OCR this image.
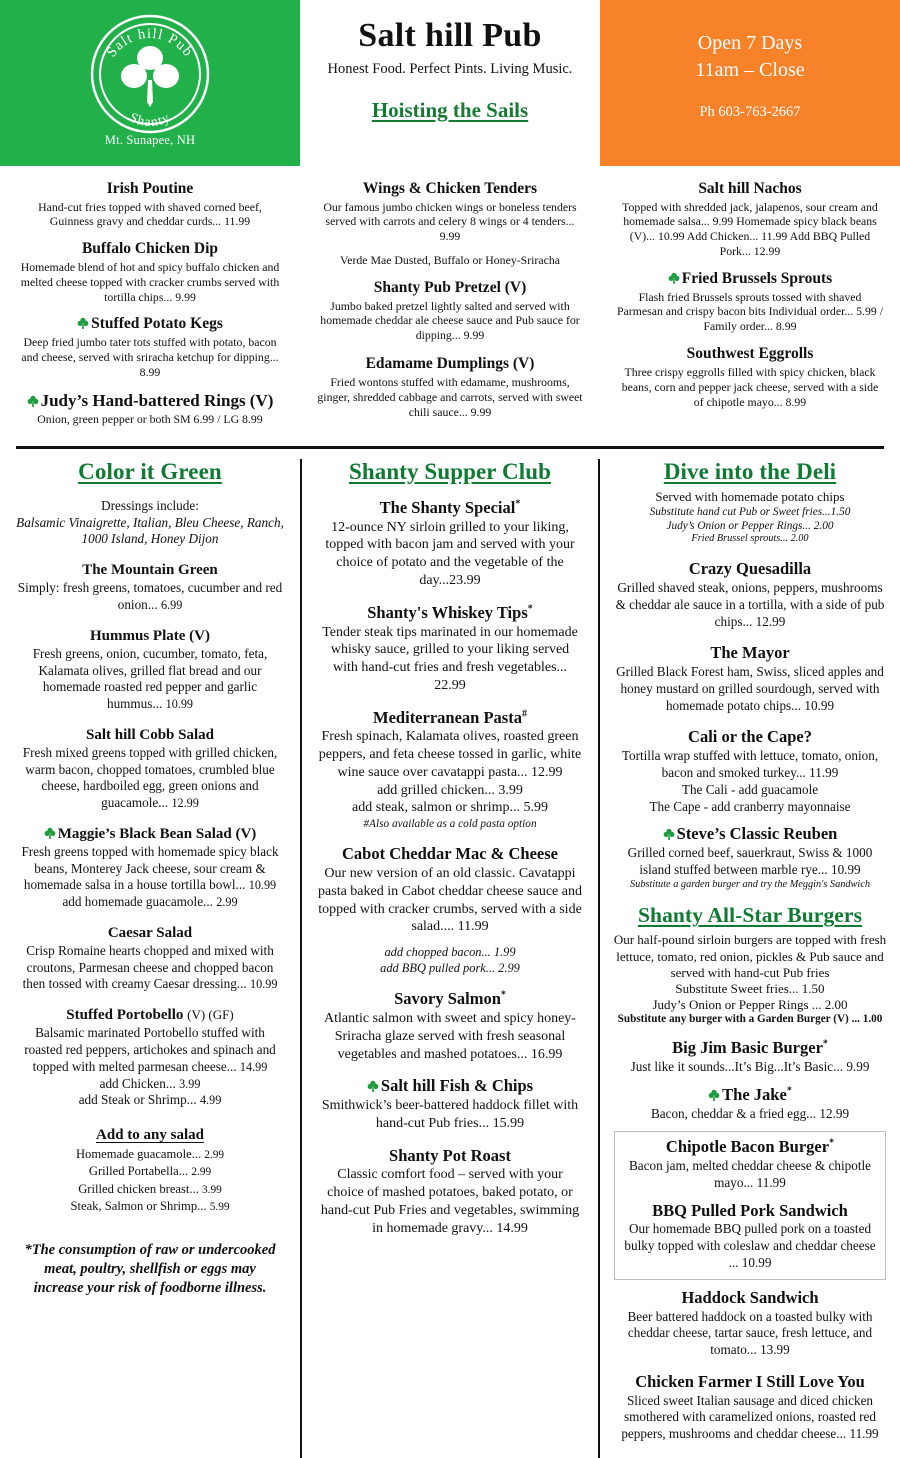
Salt hill Pub
Shanty
Mt. Sunapee, NH
Salt hill Pub
Honest Food. Perfect Pints. Living Music.
Hoisting the Sails
Open 7 Days
11am – Close
Ph 603-763-2667
Irish Poutine
Hand-cut fries topped with shaved corned beef, Guinness gravy and cheddar curds... 11.99
Buffalo Chicken Dip
Homemade blend of hot and spicy buffalo chicken and melted cheese topped with cracker crumbs served with tortilla chips... 9.99
Stuffed Potato Kegs
Deep fried jumbo tater tots stuffed with potato, bacon and cheese, served with sriracha ketchup for dipping... 8.99
Judy’s Hand-battered Rings (V)
Onion, green pepper or both SM 6.99 / LG 8.99
Wings & Chicken Tenders
Our famous jumbo chicken wings or boneless tenders served with carrots and celery 8 wings or 4 tenders... 9.99
Verde Mae Dusted, Buffalo or Honey-Sriracha
Shanty Pub Pretzel (V)
Jumbo baked pretzel lightly salted and served with homemade cheddar ale cheese sauce and Pub sauce for dipping... 9.99
Edamame Dumplings (V)
Fried wontons stuffed with edamame, mushrooms, ginger, shredded cabbage and carrots, served with sweet chili sauce... 9.99
Salt hill Nachos
Topped with shredded jack, jalapenos, sour cream and homemade salsa... 9.99 Homemade spicy black beans (V)... 10.99 Add Chicken... 11.99 Add BBQ Pulled Pork... 12.99
Fried Brussels Sprouts
Flash fried Brussels sprouts tossed with shaved Parmesan and crispy bacon bits Individual order... 5.99 / Family order... 8.99
Southwest Eggrolls
Three crispy eggrolls filled with spicy chicken, black beans, corn and pepper jack cheese, served with a side of chipotle mayo... 8.99
Color it Green
Dressings include:
Balsamic Vinaigrette, Italian, Bleu Cheese, Ranch, 1000 Island, Honey Dijon
The Mountain Green
Simply: fresh greens, tomatoes, cucumber and red onion... 6.99
Hummus Plate (V)
Fresh greens, onion, cucumber, tomato, feta, Kalamata olives, grilled flat bread and our homemade roasted red pepper and garlic hummus... 10.99
Salt hill Cobb Salad
Fresh mixed greens topped with grilled chicken, warm bacon, chopped tomatoes, crumbled blue cheese, hardboiled egg, green onions and guacamole... 12.99
Maggie’s Black Bean Salad (V)
Fresh greens topped with homemade spicy black beans, Monterey Jack cheese, sour cream & homemade salsa in a house tortilla bowl... 10.99
add homemade guacamole... 2.99
Caesar Salad
Crisp Romaine hearts chopped and mixed with croutons, Parmesan cheese and chopped bacon then tossed with creamy Caesar dressing... 10.99
Stuffed Portobello (V) (GF)
Balsamic marinated Portobello stuffed with roasted red peppers, artichokes and spinach and topped with melted parmesan cheese... 14.99
add Chicken... 3.99
add Steak or Shrimp... 4.99
Add to any salad
Homemade guacamole... 2.99
Grilled Portabella... 2.99
Grilled chicken breast... 3.99
Steak, Salmon or Shrimp... 5.99
*The consumption of raw or undercooked meat, poultry, shellfish or eggs may increase your risk of foodborne illness.
Shanty Supper Club
The Shanty Special*
12-ounce NY sirloin grilled to your liking, topped with bacon jam and served with your choice of potato and the vegetable of the day...23.99
Shanty's Whiskey Tips*
Tender steak tips marinated in our homemade whisky sauce, grilled to your liking served with hand-cut fries and fresh vegetables... 22.99
Mediterranean Pasta#
Fresh spinach, Kalamata olives, roasted green peppers, and feta cheese tossed in garlic, white wine sauce over cavatappi pasta... 12.99
add grilled chicken... 3.99
add steak, salmon or shrimp... 5.99
#Also available as a cold pasta option
Cabot Cheddar Mac & Cheese
Our new version of an old classic. Cavatappi pasta baked in Cabot cheddar cheese sauce and topped with cracker crumbs, served with a side salad.... 11.99
add chopped bacon... 1.99
add BBQ pulled pork... 2.99
Savory Salmon*
Atlantic salmon with sweet and spicy honey-Sriracha glaze served with fresh seasonal vegetables and mashed potatoes... 16.99
Salt hill Fish & Chips
Smithwick’s beer-battered haddock fillet with hand-cut Pub fries... 15.99
Shanty Pot Roast
Classic comfort food – served with your choice of mashed potatoes, baked potato, or hand-cut Pub Fries and vegetables, swimming in homemade gravy... 14.99
Dive into the Deli
Served with homemade potato chips
Substitute hand cut Pub or Sweet fries...1.50
Judy’s Onion or Pepper Rings... 2.00
Fried Brussel sprouts... 2.00
Crazy Quesadilla
Grilled shaved steak, onions, peppers, mushrooms & cheddar ale sauce in a tortilla, with a side of pub chips... 12.99
The Mayor
Grilled Black Forest ham, Swiss, sliced apples and honey mustard on grilled sourdough, served with homemade potato chips... 10.99
Cali or the Cape?
Tortilla wrap stuffed with lettuce, tomato, onion, bacon and smoked turkey... 11.99
The Cali - add guacamole
The Cape - add cranberry mayonnaise
Steve’s Classic Reuben
Grilled corned beef, sauerkraut, Swiss & 1000 island stuffed between marble rye... 10.99
Substitute a garden burger and try the Meggin's Sandwich
Shanty All-Star Burgers
Our half-pound sirloin burgers are topped with fresh lettuce, tomato, red onion, pickles & Pub sauce and served with hand-cut Pub fries
Substitute Sweet fries... 1.50
Judy’s Onion or Pepper Rings ... 2.00
Substitute any burger with a Garden Burger (V) ... 1.00
Big Jim Basic Burger*
Just like it sounds...It’s Big...It’s Basic... 9.99
The Jake*
Bacon, cheddar & a fried egg... 12.99
Chipotle Bacon Burger*
Bacon jam, melted cheddar cheese & chipotle mayo... 11.99
BBQ Pulled Pork Sandwich
Our homemade BBQ pulled pork on a toasted bulky topped with coleslaw and cheddar cheese ... 10.99
Haddock Sandwich
Beer battered haddock on a toasted bulky with cheddar cheese, tartar sauce, fresh lettuce, and tomato... 13.99
Chicken Farmer I Still Love You
Sliced sweet Italian sausage and diced chicken smothered with caramelized onions, roasted red peppers, mushrooms and cheddar cheese... 11.99
